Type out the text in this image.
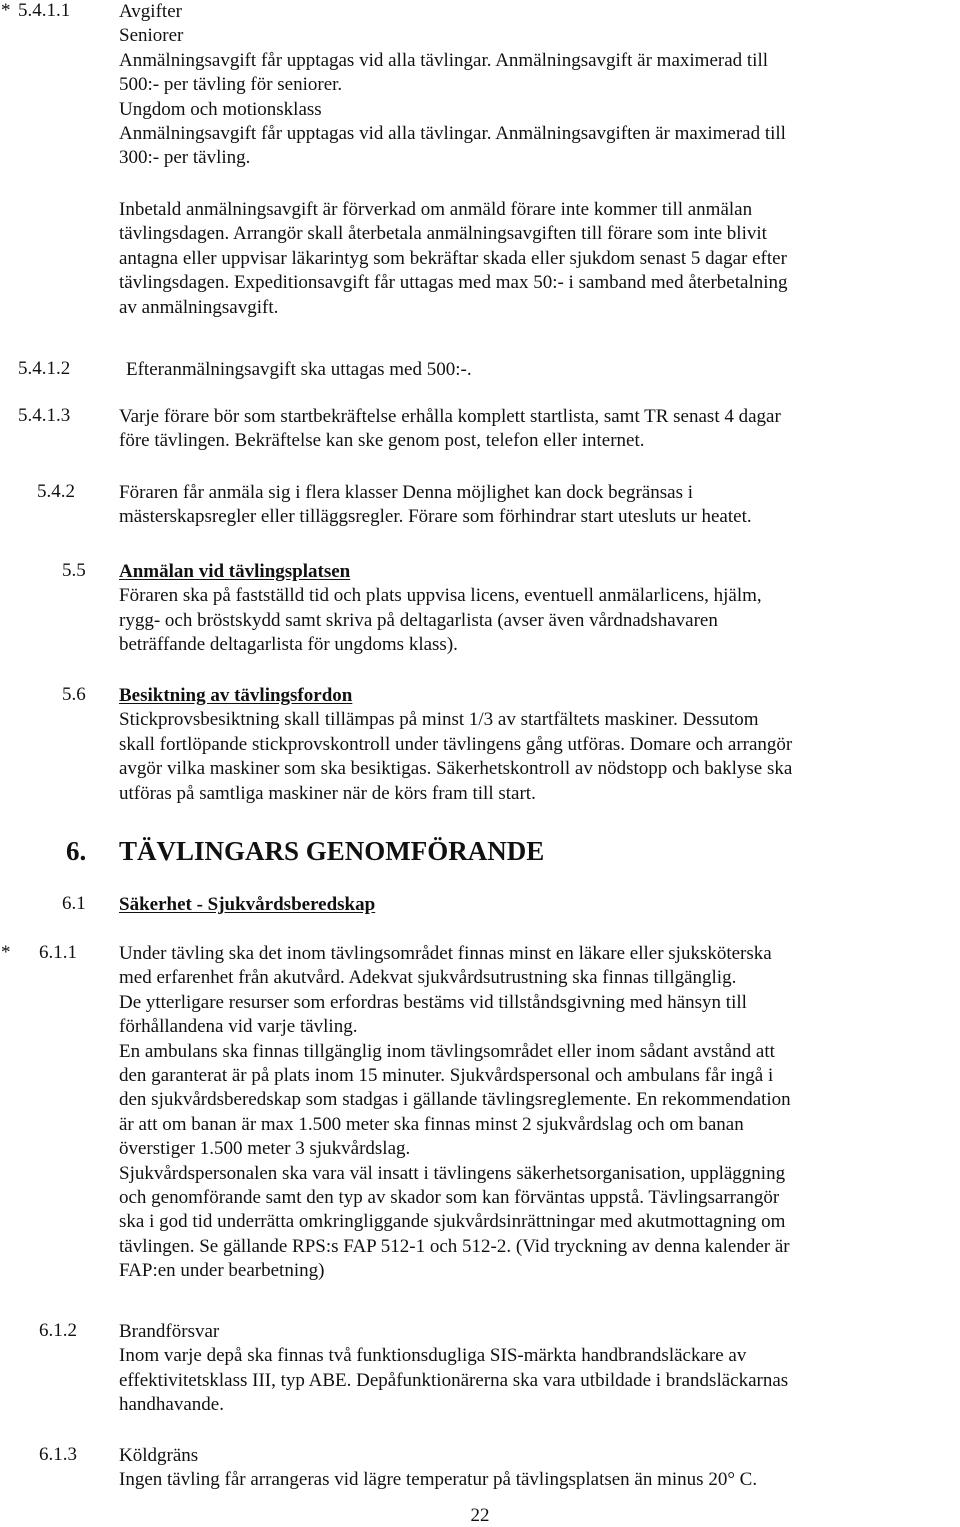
* 5.4.1.1	Avgifter
Seniorer
Anmälningsavgift får upptagas vid alla tävlingar. Anmälningsavgift är maximerad till
500:- per tävling för seniorer.
Ungdom och motionsklass
Anmälningsavgift får upptagas vid alla tävlingar. Anmälningsavgiften är maximerad till
300:- per tävling.
Inbetald anmälningsavgift är förverkad om anmäld förare inte kommer till anmälan
tävlingsdagen. Arrangör skall återbetala anmälningsavgiften till förare som inte blivit
antagna eller uppvisar läkarintyg som bekräftar skada eller sjukdom senast 5 dagar efter
tävlingsdagen. Expeditionsavgift får uttagas med max 50:- i samband med återbetalning
av anmälningsavgift.
5.4.1.2	Efteranmälningsavgift ska uttagas med 500:-.
5.4.1.3	Varje förare bör som startbekräftelse erhålla komplett startlista, samt TR senast 4 dagar
före tävlingen. Bekräftelse kan ske genom post, telefon eller internet.
5.4.2 Föraren får anmäla sig i flera klasser Denna möjlighet kan dock begränsas i
mästerskapsregler eller tilläggsregler. Förare som förhindrar start utesluts ur heatet.
5.5 Anmälan vid tävlingsplatsen
Föraren ska på fastställd tid och plats uppvisa licens, eventuell anmälarlicens, hjälm,
rygg- och bröstskydd samt skriva på deltagarlista (avser även vårdnadshavaren
beträffande deltagarlista för ungdoms klass).
5.6 Besiktning av tävlingsfordon
Stickprovsbesiktning skall tillämpas på minst 1/3 av startfältets maskiner. Dessutom
skall fortlöpande stickprovskontroll under tävlingens gång utföras. Domare och arrangör
avgör vilka maskiner som ska besiktigas. Säkerhetskontroll av nödstopp och baklyse ska
utföras på samtliga maskiner när de körs fram till start.
6. TÄVLINGARS GENOMFÖRANDE
6.1 Säkerhet - Sjukvårdsberedskap
* 6.1.1 Under tävling ska det inom tävlingsområdet finnas minst en läkare eller sjuksköterska
med erfarenhet från akutvård. Adekvat sjukvårdsutrustning ska finnas tillgänglig.
De ytterligare resurser som erfordras bestäms vid tillståndsgivning med hänsyn till
förhållandena vid varje tävling.
En ambulans ska finnas tillgänglig inom tävlingsområdet eller inom sådant avstånd att
den garanterat är på plats inom 15 minuter. Sjukvårdspersonal och ambulans får ingå i
den sjukvårdsberedskap som stadgas i gällande tävlingsreglemente. En rekommendation
är att om banan är max 1.500 meter ska finnas minst 2 sjukvårdslag och om banan
överstiger 1.500 meter 3 sjukvårdslag.
Sjukvårdspersonalen ska vara väl insatt i tävlingens säkerhetsorganisation, uppläggning
och genomförande samt den typ av skador som kan förväntas uppstå. Tävlingsarrangör
ska i god tid underrätta omkringliggande sjukvårdsinrättningar med akutmottagning om
tävlingen. Se gällande RPS:s FAP 512-1 och 512-2. (Vid tryckning av denna kalender är
FAP:en under bearbetning)
6.1.2 Brandförsvar
Inom varje depå ska finnas två funktionsdugliga SIS-märkta handbrandsläckare av
effektivitetsklass III, typ ABE. Depåfunktionärerna ska vara utbildade i brandsläckarnas
handhavande.
6.1.3 Köldgräns
Ingen tävling får arrangeras vid lägre temperatur på tävlingsplatsen än minus 20° C.
22
